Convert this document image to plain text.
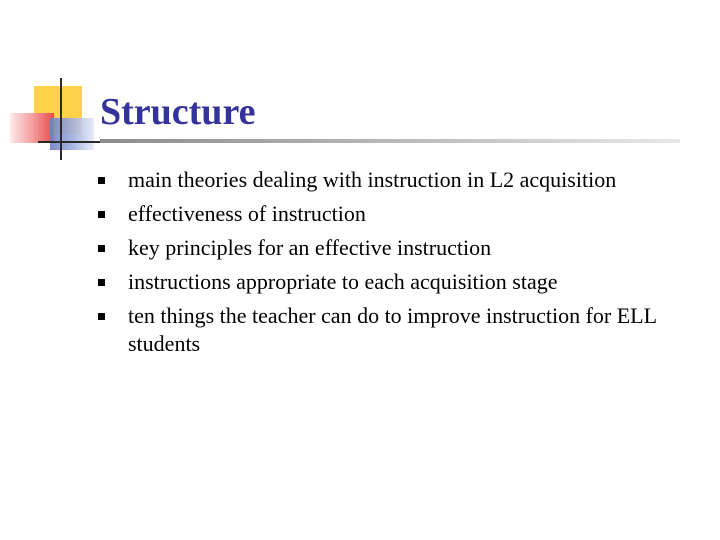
Structure
main theories dealing with instruction in L2 acquisition
effectiveness of instruction
key principles for an effective instruction
instructions appropriate to each acquisition stage
ten things the teacher can do to improve instruction for ELL students
